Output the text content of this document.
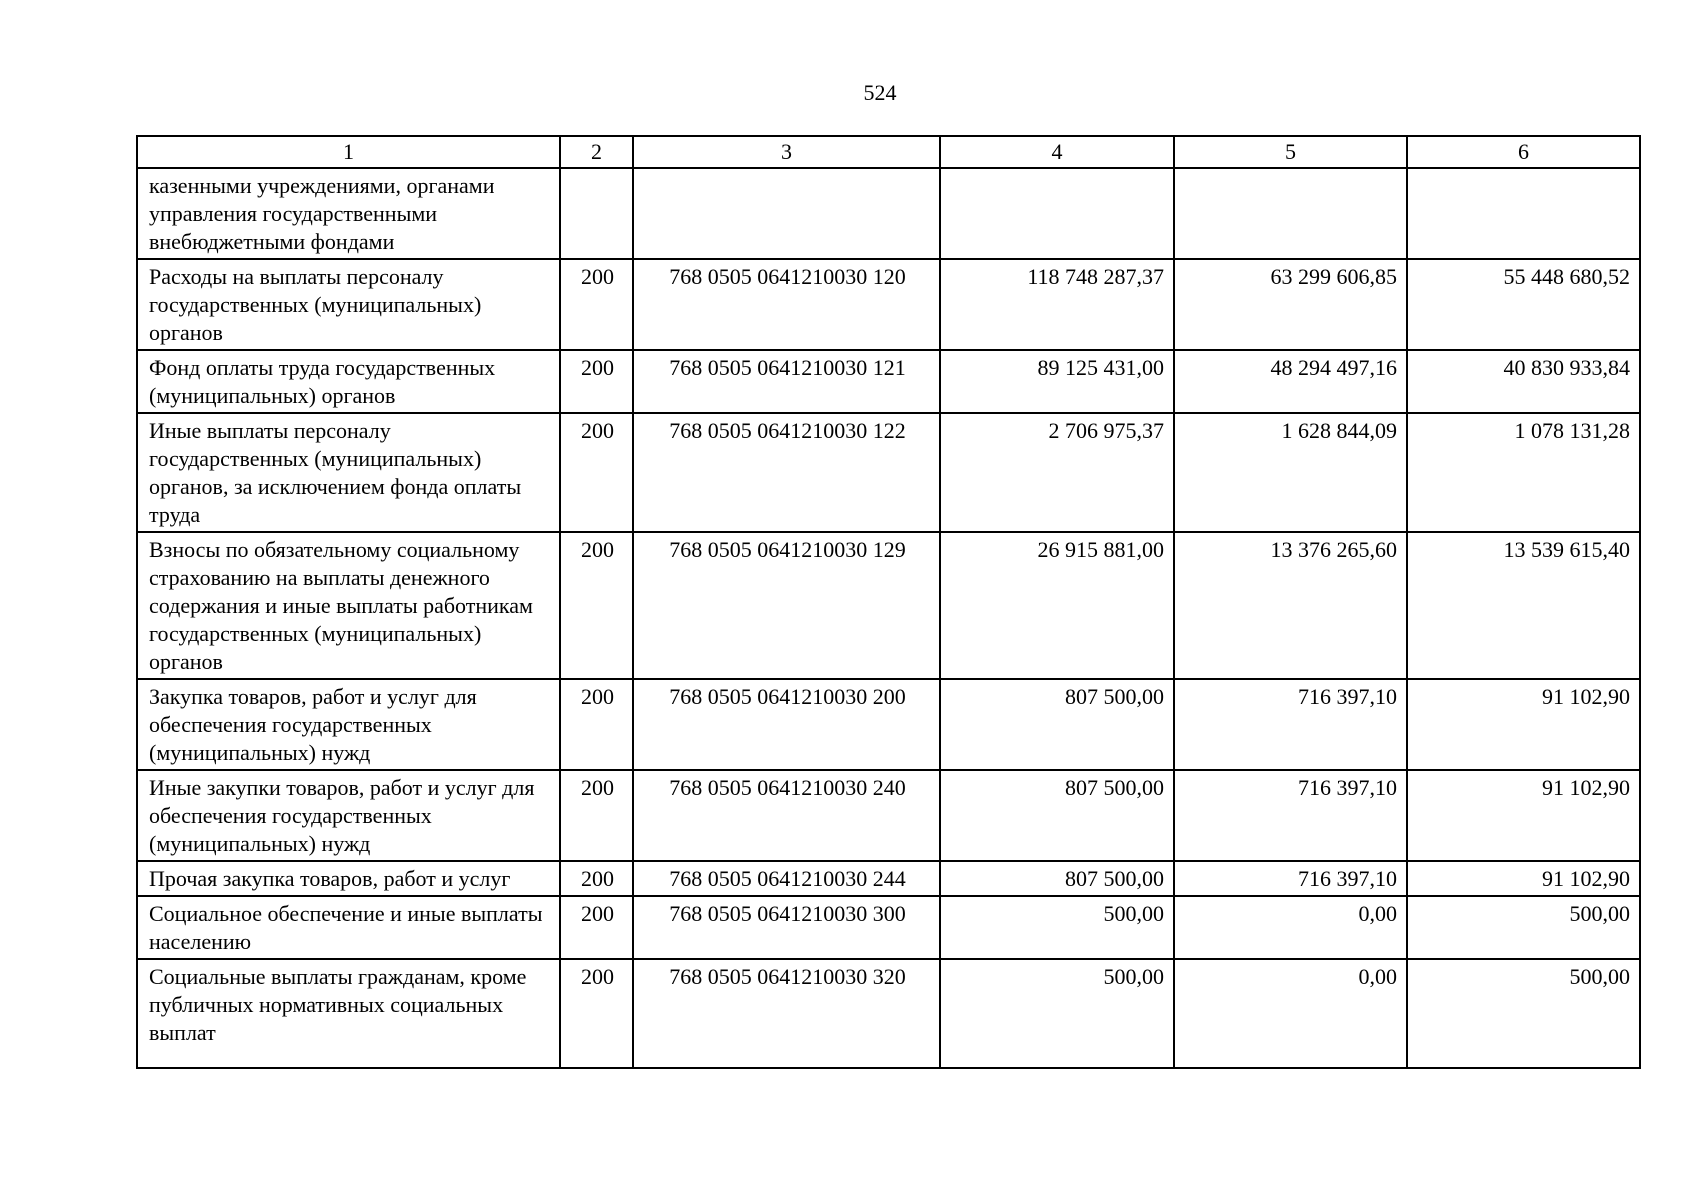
524
1	2	3	4	5	6
казенными учреждениями, органами управления государственными внебюджетными фондами					
Расходы на выплаты персоналу государственных (муниципальных) органов	200	768 0505 0641210030 120	118 748 287,37	63 299 606,85	55 448 680,52
Фонд оплаты труда государственных (муниципальных) органов	200	768 0505 0641210030 121	89 125 431,00	48 294 497,16	40 830 933,84
Иные выплаты персоналу государственных (муниципальных) органов, за исключением фонда оплаты труда	200	768 0505 0641210030 122	2 706 975,37	1 628 844,09	1 078 131,28
Взносы по обязательному социальному страхованию на выплаты денежного содержания и иные выплаты работникам государственных (муниципальных) органов	200	768 0505 0641210030 129	26 915 881,00	13 376 265,60	13 539 615,40
Закупка товаров, работ и услуг для обеспечения государственных (муниципальных) нужд	200	768 0505 0641210030 200	807 500,00	716 397,10	91 102,90
Иные закупки товаров, работ и услуг для обеспечения государственных (муниципальных) нужд	200	768 0505 0641210030 240	807 500,00	716 397,10	91 102,90
Прочая закупка товаров, работ и услуг	200	768 0505 0641210030 244	807 500,00	716 397,10	91 102,90
Социальное обеспечение и иные выплаты населению	200	768 0505 0641210030 300	500,00	0,00	500,00
Социальные выплаты гражданам, кроме публичных нормативных социальных выплат	200	768 0505 0641210030 320	500,00	0,00	500,00
